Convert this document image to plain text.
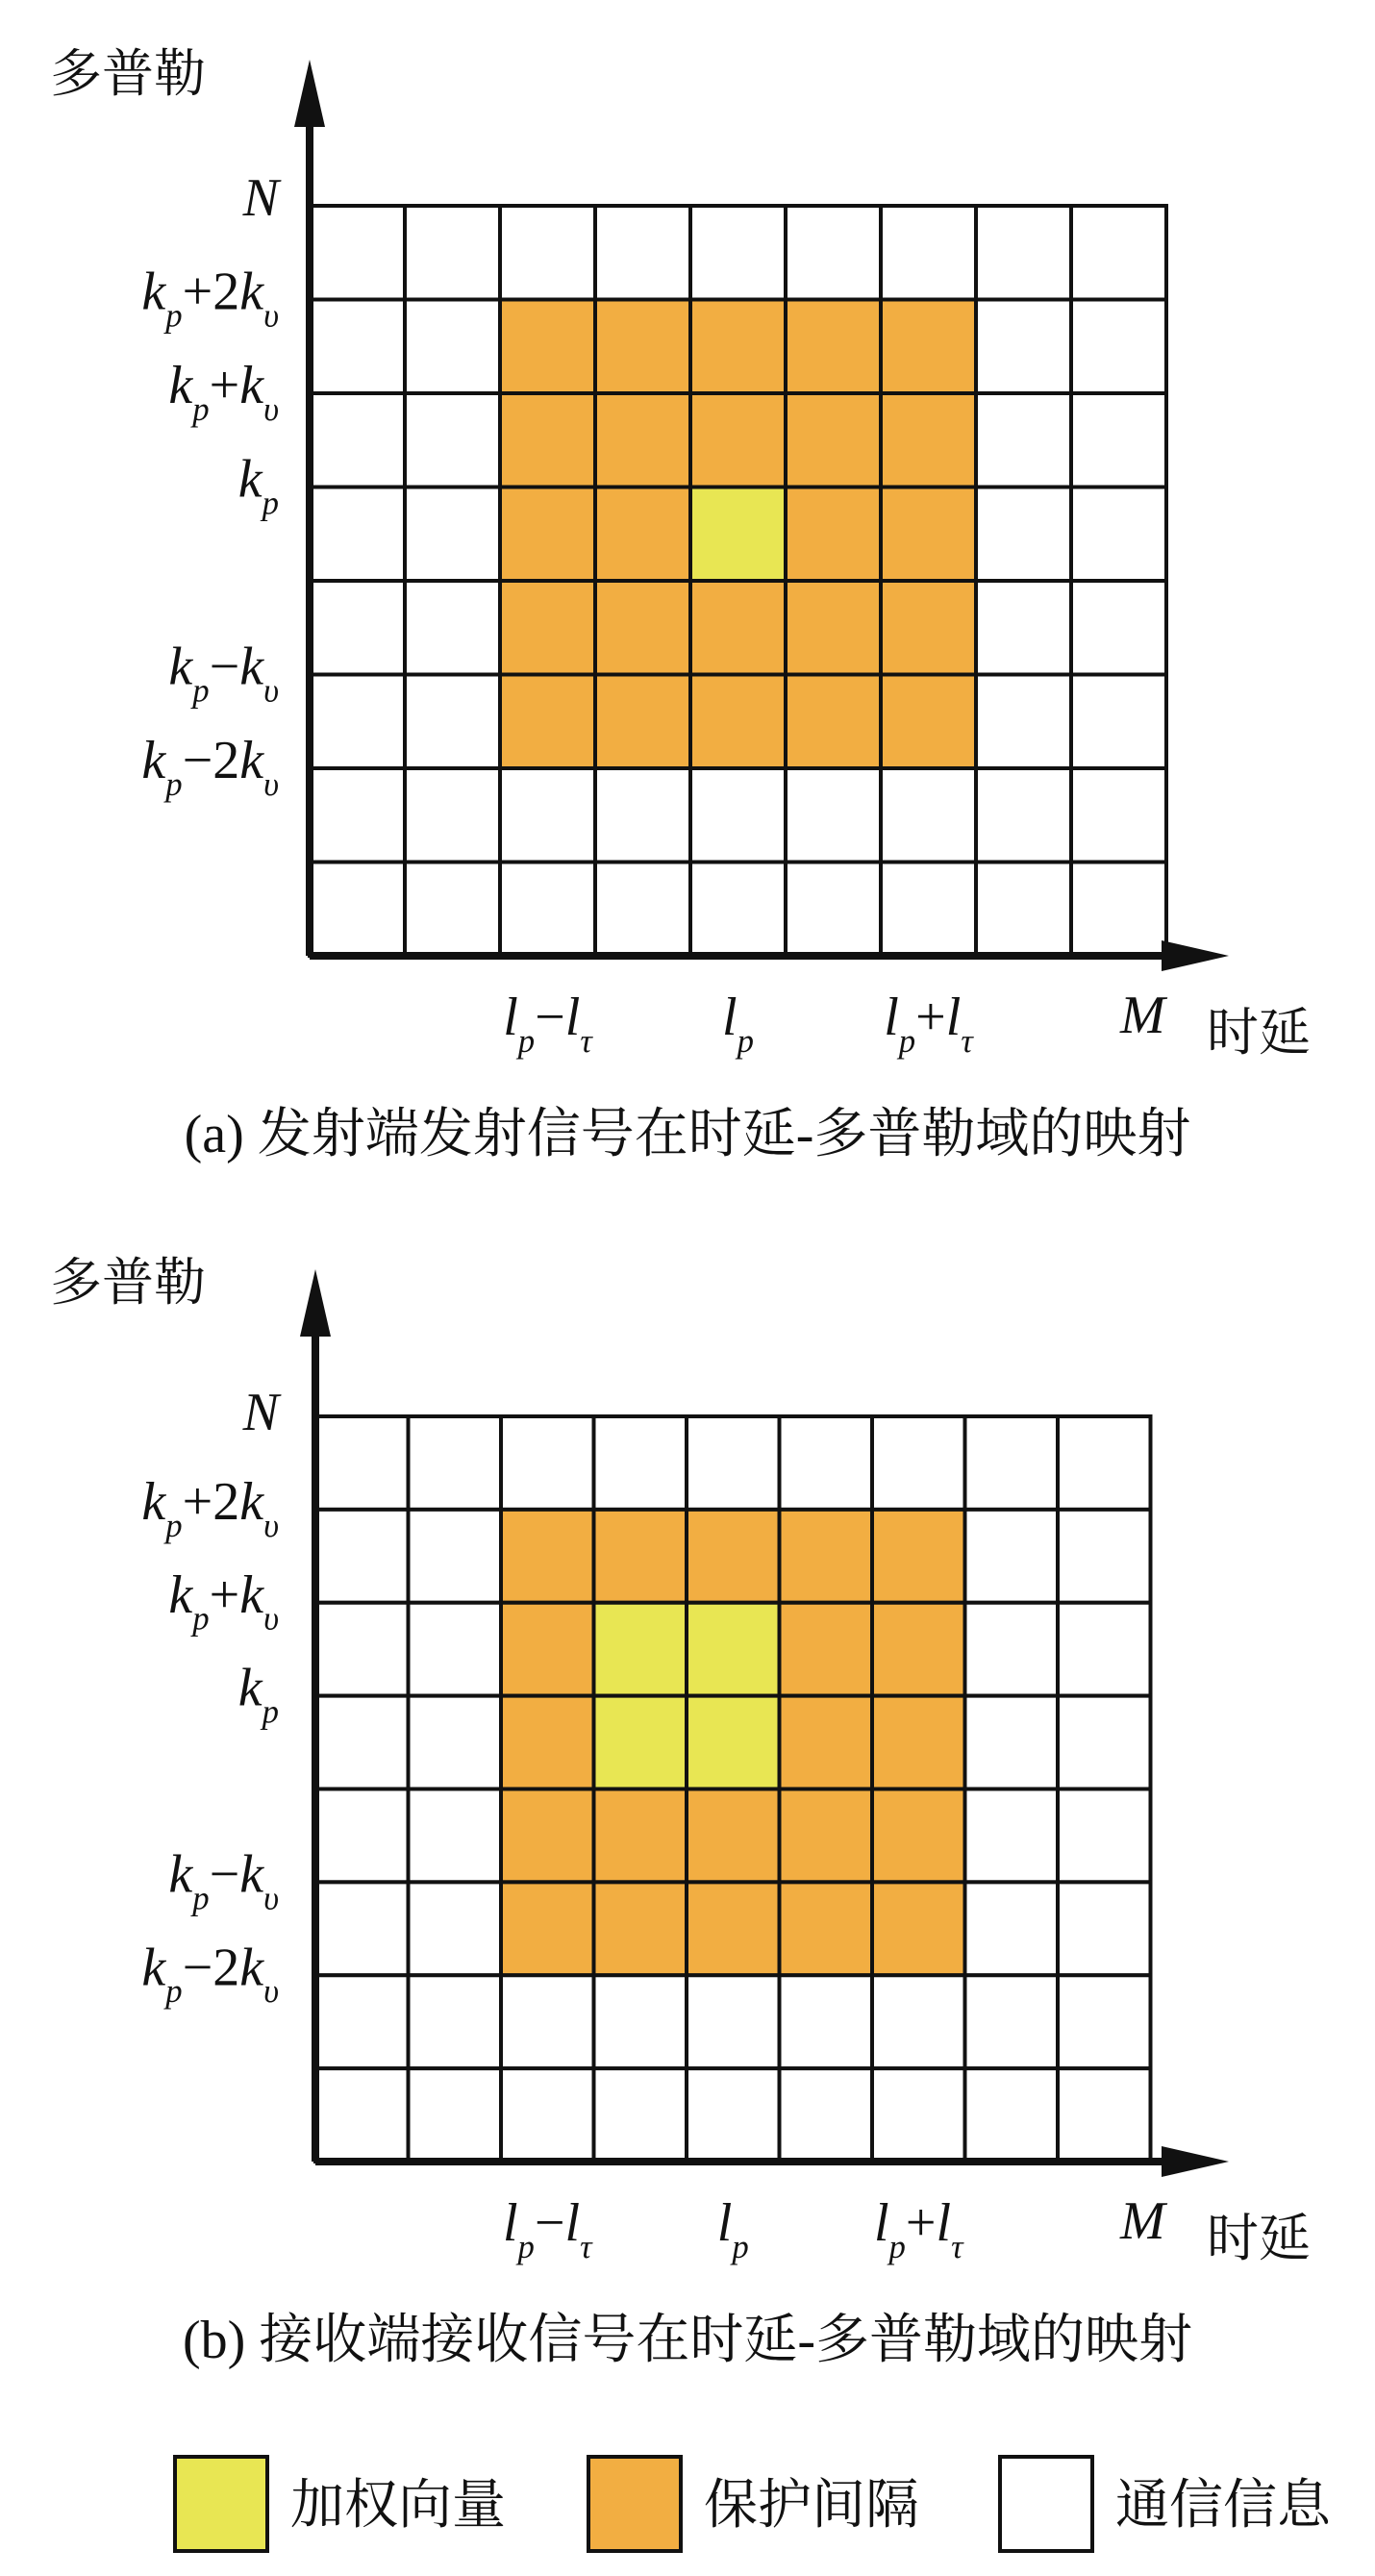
多普勒
时延
M
(a) 发射端发射信号在时延-多普勒域的映射
N
$k_p+2k_\upsilon$
$k_p+k_\upsilon$
$k_p$
$k_p-k_\upsilon$
$k_p-2k_\upsilon$
$l_p-l_\tau$ $l_p$ $l_p+l_\tau$
多普勒
时延
M
N
(b) 接收端接收信号在时延-多普勒域的映射
$k_p+2k_\upsilon$
$k_p+k_\upsilon$
$k_p$
$k_p-k_\upsilon$
$k_p-2k_\upsilon$
$l_p-l_\tau$ $l_p$ $l_p+l_\tau$
加权向量	保护间隔	通信信息
